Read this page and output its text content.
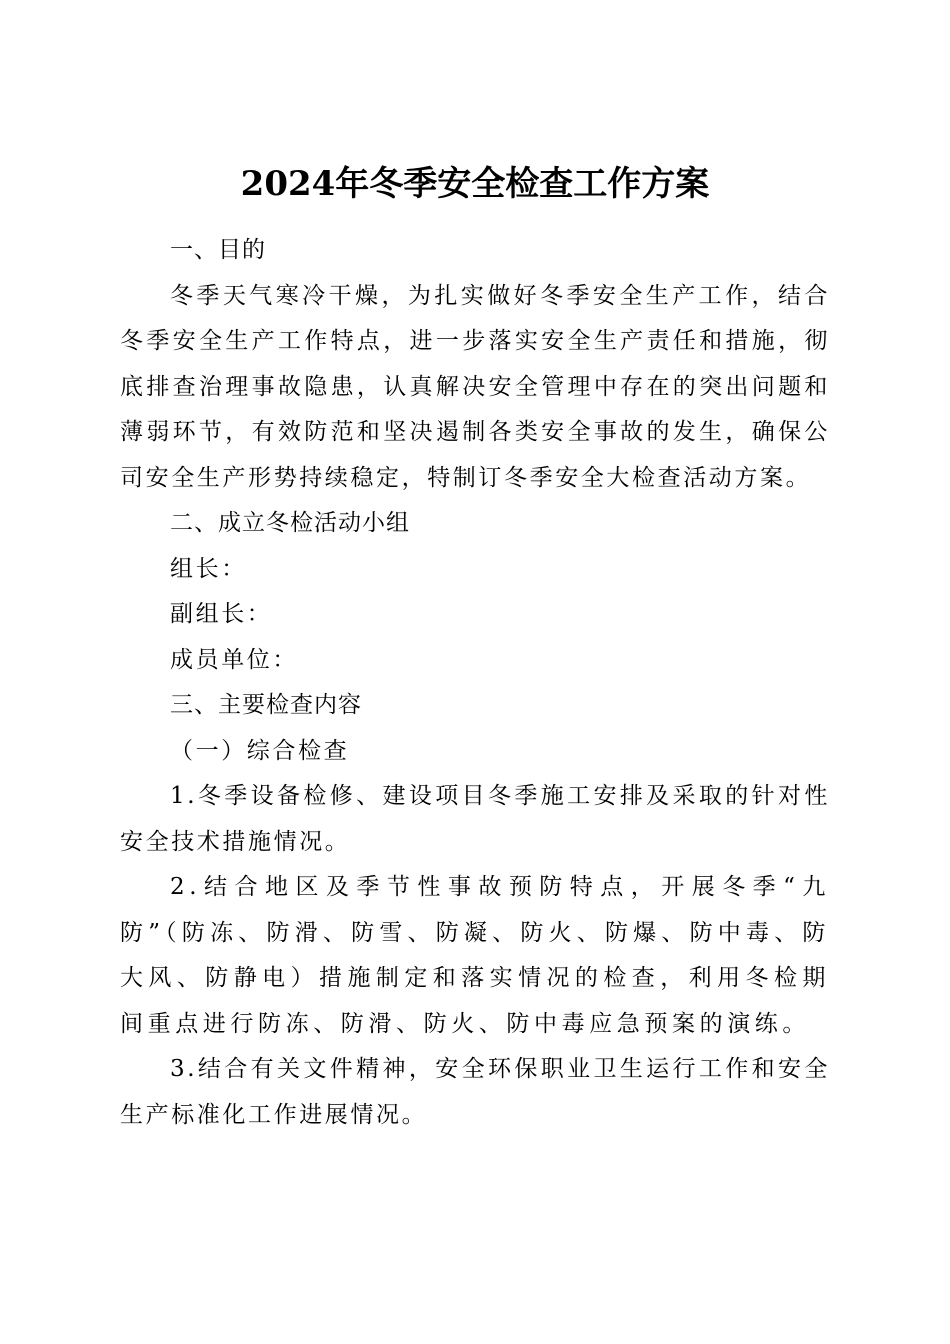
2024年冬季安全检查工作方案

一、目的

冬季天气寒冷干燥，为扎实做好冬季安全生产工作，结合冬季安全生产工作特点，进一步落实安全生产责任和措施，彻底排查治理事故隐患，认真解决安全管理中存在的突出问题和薄弱环节，有效防范和坚决遏制各类安全事故的发生，确保公司安全生产形势持续稳定，特制订冬季安全大检查活动方案。

二、成立冬检活动小组

组长：

副组长：

成员单位：

三、主要检查内容

（一）综合检查

1.冬季设备检修、建设项目冬季施工安排及采取的针对性安全技术措施情况。

2.结合地区及季节性事故预防特点，开展冬季“九防”（防冻、防滑、防雪、防凝、防火、防爆、防中毒、防大风、防静电）措施制定和落实情况的检查，利用冬检期间重点进行防冻、防滑、防火、防中毒应急预案的演练。

3.结合有关文件精神，安全环保职业卫生运行工作和安全生产标准化工作进展情况。
